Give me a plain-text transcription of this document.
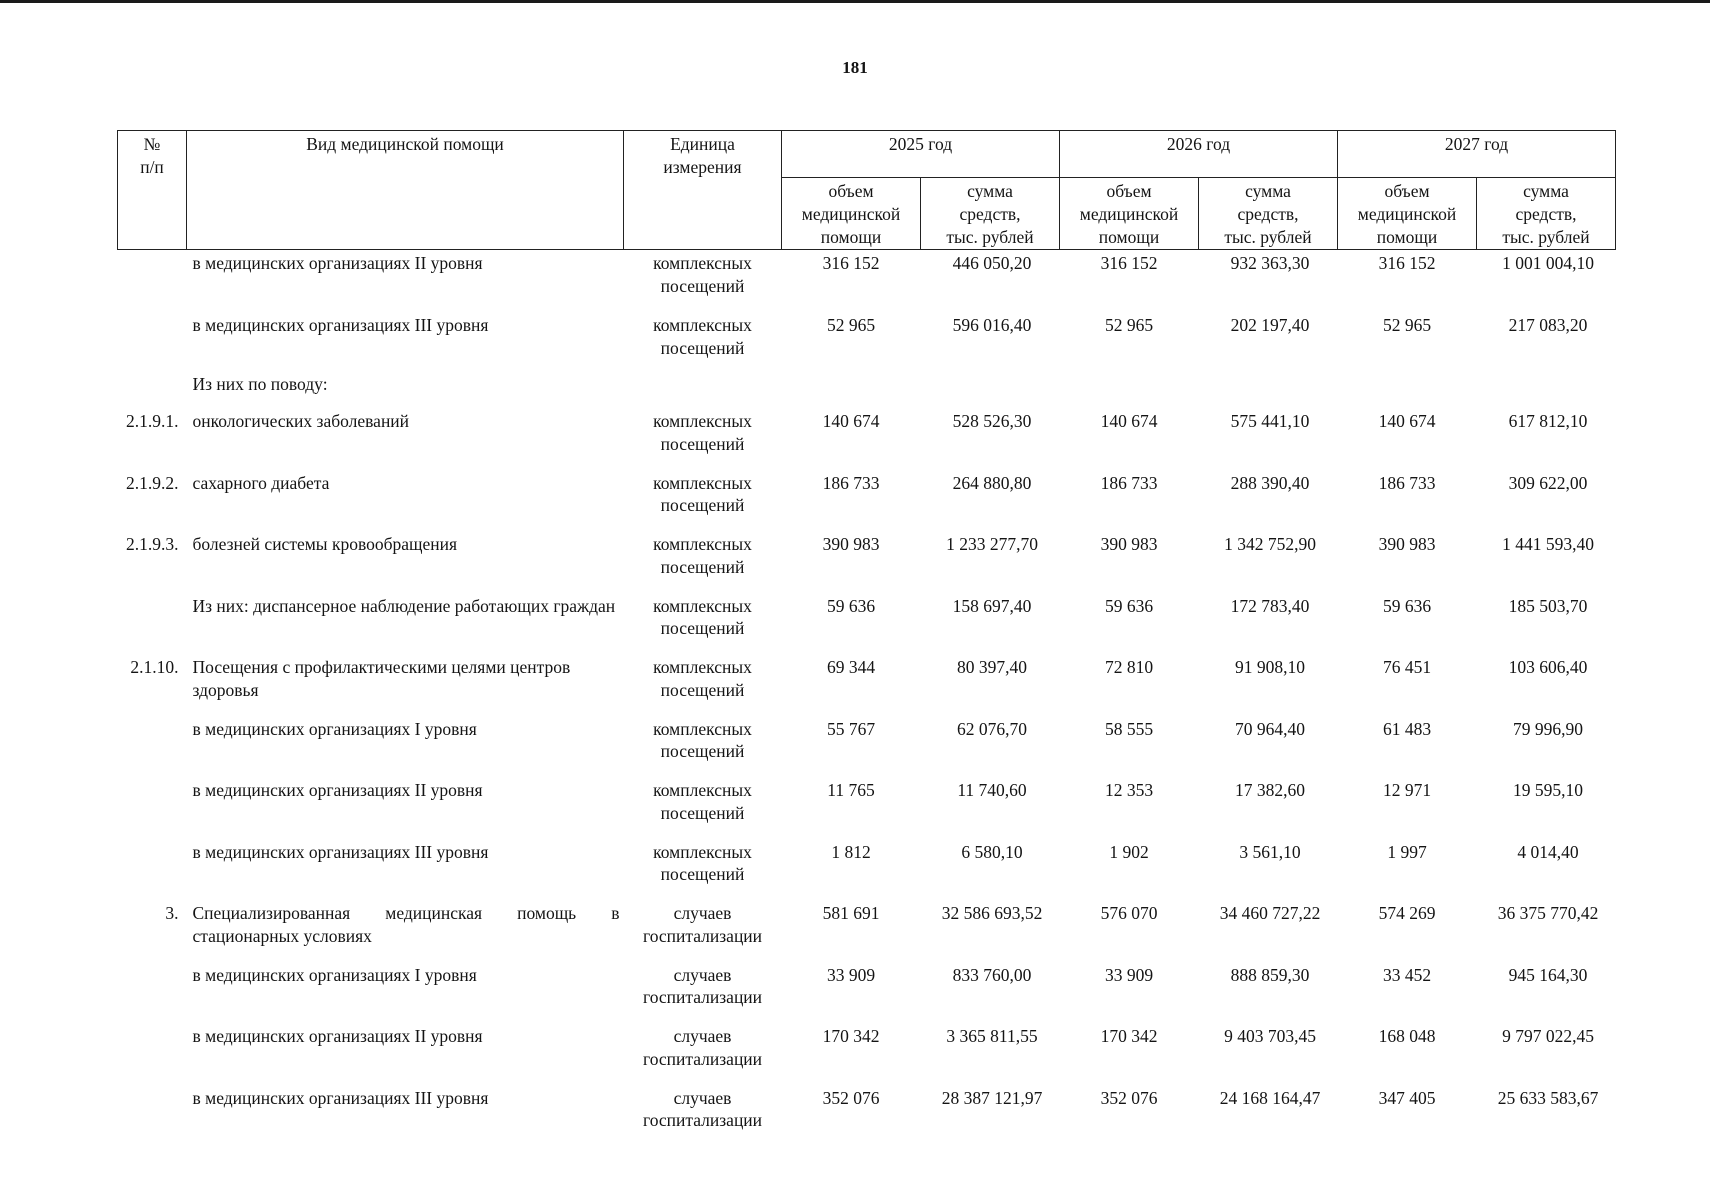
181
№
п/п	Вид медицинской помощи	Единица
измерения	2025 год		2026 год		2027 год	
			объем
медицинской
помощи	сумма
средств,
тыс. рублей	объем
медицинской
помощи	сумма
средств,
тыс. рублей	объем
медицинской
помощи	сумма
средств,
тыс. рублей
	в медицинских организациях II уровня	комплексных
посещений	316 152	446 050,20	316 152	932 363,30	316 152	1 001 004,10
	в медицинских организациях III уровня	комплексных
посещений	52 965	596 016,40	52 965	202 197,40	52 965	217 083,20
	Из них по поводу:							
2.1.9.1.	онкологических заболеваний	комплексных
посещений	140 674	528 526,30	140 674	575 441,10	140 674	617 812,10
2.1.9.2.	сахарного диабета	комплексных
посещений	186 733	264 880,80	186 733	288 390,40	186 733	309 622,00
2.1.9.3.	болезней системы кровообращения	комплексных
посещений	390 983	1 233 277,70	390 983	1 342 752,90	390 983	1 441 593,40
	Из них: диспансерное наблюдение работающих граждан	комплексных
посещений	59 636	158 697,40	59 636	172 783,40	59 636	185 503,70
2.1.10.	Посещения с профилактическими целями центров здоровья	комплексных
посещений	69 344	80 397,40	72 810	91 908,10	76 451	103 606,40
	в медицинских организациях I уровня	комплексных
посещений	55 767	62 076,70	58 555	70 964,40	61 483	79 996,90
	в медицинских организациях II уровня	комплексных
посещений	11 765	11 740,60	12 353	17 382,60	12 971	19 595,10
	в медицинских организациях III уровня	комплексных
посещений	1 812	6 580,10	1 902	3 561,10	1 997	4 014,40
3.	Специализированная медицинская помощь в стационарных условиях	случаев
госпитализации	581 691	32 586 693,52	576 070	34 460 727,22	574 269	36 375 770,42
	в медицинских организациях I уровня	случаев
госпитализации	33 909	833 760,00	33 909	888 859,30	33 452	945 164,30
	в медицинских организациях II уровня	случаев
госпитализации	170 342	3 365 811,55	170 342	9 403 703,45	168 048	9 797 022,45
	в медицинских организациях III уровня	случаев
госпитализации	352 076	28 387 121,97	352 076	24 168 164,47	347 405	25 633 583,67
